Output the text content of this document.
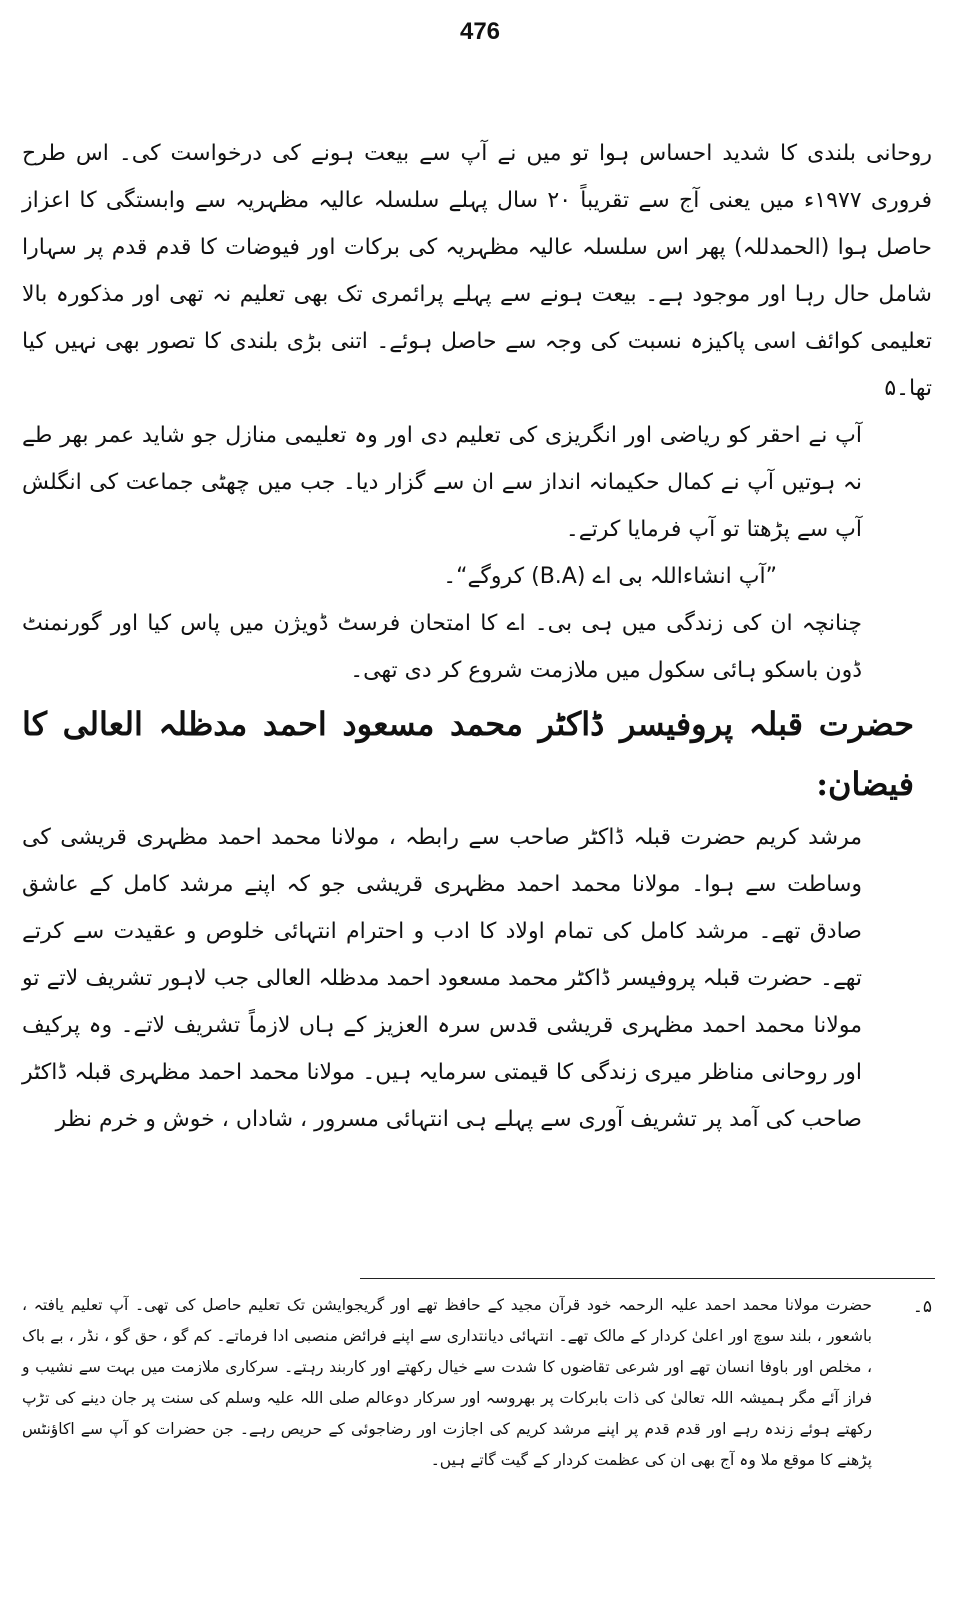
476

روحانی بلندی کا شدید احساس ہوا تو میں نے آپ سے بیعت ہونے کی درخواست کی۔ اس طرح فروری ۱۹۷۷ء میں یعنی آج سے تقریباً ۲۰ سال پہلے سلسلہ عالیہ مظہریہ سے وابستگی کا اعزاز حاصل ہوا (الحمدللہ) پھر اس سلسلہ عالیہ مظہریہ کی برکات اور فیوضات کا قدم قدم پر سہارا شامل حال رہا اور موجود ہے۔ بیعت ہونے سے پہلے پرائمری تک بھی تعلیم نہ تھی اور مذکورہ بالا تعلیمی کوائف اسی پاکیزہ نسبت کی وجہ سے حاصل ہوئے۔ اتنی بڑی بلندی کا تصور بھی نہیں کیا تھا۔۵

آپ نے احقر کو ریاضی اور انگریزی کی تعلیم دی اور وہ تعلیمی منازل جو شاید عمر بھر طے نہ ہوتیں آپ نے کمال حکیمانہ انداز سے ان سے گزار دیا۔ جب میں چھٹی جماعت کی انگلش آپ سے پڑھتا تو آپ فرمایا کرتے۔

”آپ انشاءاللہ بی اے (B.A) کروگے“۔

چنانچہ ان کی زندگی میں ہی بی۔ اے کا امتحان فرسٹ ڈویژن میں پاس کیا اور گورنمنٹ ڈون باسکو ہائی سکول میں ملازمت شروع کر دی تھی۔

حضرت قبلہ پروفیسر ڈاکٹر محمد مسعود احمد مدظلہ العالی کا فیضان:

مرشد کریم حضرت قبلہ ڈاکٹر صاحب سے رابطہ ، مولانا محمد احمد مظہری قریشی کی وساطت سے ہوا۔ مولانا محمد احمد مظہری قریشی جو کہ اپنے مرشد کامل کے عاشق صادق تھے۔ مرشد کامل کی تمام اولاد کا ادب و احترام انتہائی خلوص و عقیدت سے کرتے تھے۔ حضرت قبلہ پروفیسر ڈاکٹر محمد مسعود احمد مدظلہ العالی جب لاہور تشریف لاتے تو مولانا محمد احمد مظہری قریشی قدس سرہ العزیز کے ہاں لازماً تشریف لاتے۔ وہ پرکیف اور روحانی مناظر میری زندگی کا قیمتی سرمایہ ہیں۔ مولانا محمد احمد مظہری قبلہ ڈاکٹر صاحب کی آمد پر تشریف آوری سے پہلے ہی انتہائی مسرور ، شاداں ، خوش و خرم نظر

۵۔
حضرت مولانا محمد احمد علیہ الرحمہ خود قرآن مجید کے حافظ تھے اور گریجوایشن تک تعلیم حاصل کی تھی۔ آپ تعلیم یافتہ ، باشعور ، بلند سوچ اور اعلیٰ کردار کے مالک تھے۔ انتہائی دیانتداری سے اپنے فرائض منصبی ادا فرماتے۔ کم گو ، حق گو ، نڈر ، بے باک ، مخلص اور باوفا انسان تھے اور شرعی تقاضوں کا شدت سے خیال رکھتے اور کاربند رہتے۔ سرکاری ملازمت میں بہت سے نشیب و فراز آئے مگر ہمیشہ اللہ تعالیٰ کی ذات بابرکات پر بھروسہ اور سرکار دوعالم صلی اللہ علیہ وسلم کی سنت پر جان دینے کی تڑپ رکھتے ہوئے زندہ رہے اور قدم قدم پر اپنے مرشد کریم کی اجازت اور رضاجوئی کے حریص رہے۔ جن حضرات کو آپ سے اکاؤنٹس پڑھنے کا موقع ملا وہ آج بھی ان کی عظمت کردار کے گیت گاتے ہیں۔
